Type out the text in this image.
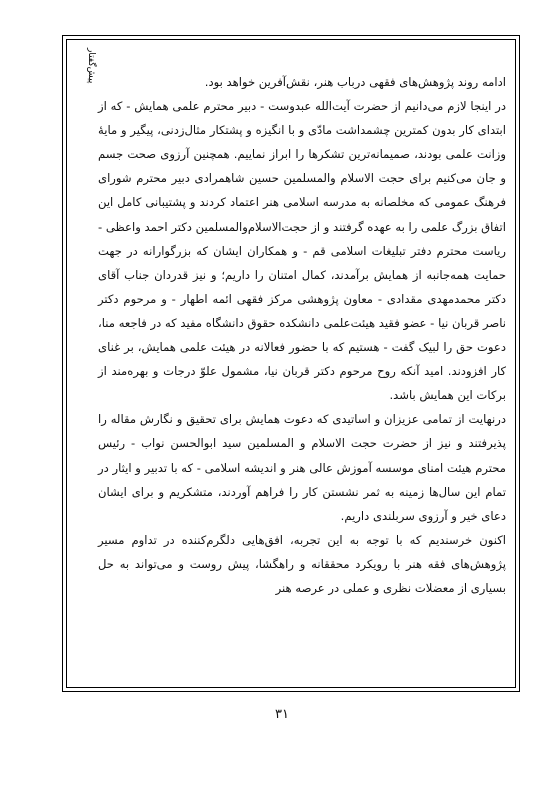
پیش‌گفتار	ادامه روند پژوهش‌های فقهی درباب هنر، نقش‌آفرین خواهد بود.

در اینجا لازم می‌دانیم از حضرت آیت‌الله عبدوست - دبیر محترم علمی همایش - که از ابتدای کار بدون کمترین چشمداشت مادّی و با انگیزه و پشتکار مثال‌زدنی، پیگیر و مایهٔ وزانت علمی بودند، صمیمانه‌ترین تشکرها را ابراز نماییم. همچنین آرزوی صحت جسم و جان می‌کنیم برای حجت الاسلام والمسلمین حسین شاهمرادی دبیر محترم شورای فرهنگ عمومی که مخلصانه به مدرسه اسلامی هنر اعتماد کردند و پشتیبانی کامل این اتفاق بزرگ علمی را به عهده گرفتند و از حجت‌الاسلام‌والمسلمین دکتر احمد واعظی - ریاست محترم دفتر تبلیغات اسلامی قم - و همکاران ایشان که بزرگوارانه در جهت حمایت همه‌جانبه از همایش برآمدند، کمال امتنان را داریم؛ و نیز قدردان جناب آقای دکتر محمدمهدی مقدادی - معاون پژوهشی مرکز فقهی ائمه اطهار - و مرحوم دکتر ناصر قربان نیا - عضو فقید هیئت‌علمی دانشکده حقوق دانشگاه مفید که در فاجعه منا، دعوت حق را لبیک گفت - هستیم که با حضور فعالانه در هیئت علمی همایش، بر غنای کار افزودند. امید آنکه روح مرحوم دکتر قربان نیا، مشمول علوّ درجات و بهره‌مند از برکات این همایش باشد.

درنهایت از تمامی عزیزان و اساتیدی که دعوت همایش برای تحقیق و نگارش مقاله را پذیرفتند و نیز از حضرت حجت الاسلام و المسلمین سید ابوالحسن نواب - رئیس محترم هیئت امنای موسسه آموزش عالی هنر و اندیشه اسلامی - که با تدبیر و ایثار در تمام این سال‌ها زمینه به ثمر نشستن کار را فراهم آوردند، متشکریم و برای ایشان دعای خیر و آرزوی سربلندی داریم.

اکنون خرسندیم که با توجه به این تجربه، افق‌هایی دلگرم‌کننده در تداوم مسیر پژوهش‌های فقه هنر با رویکرد محققانه و راهگشا، پیش روست و می‌تواند به حل بسیاری از معضلات نظری و عملی در عرصه هنر

۳۱
